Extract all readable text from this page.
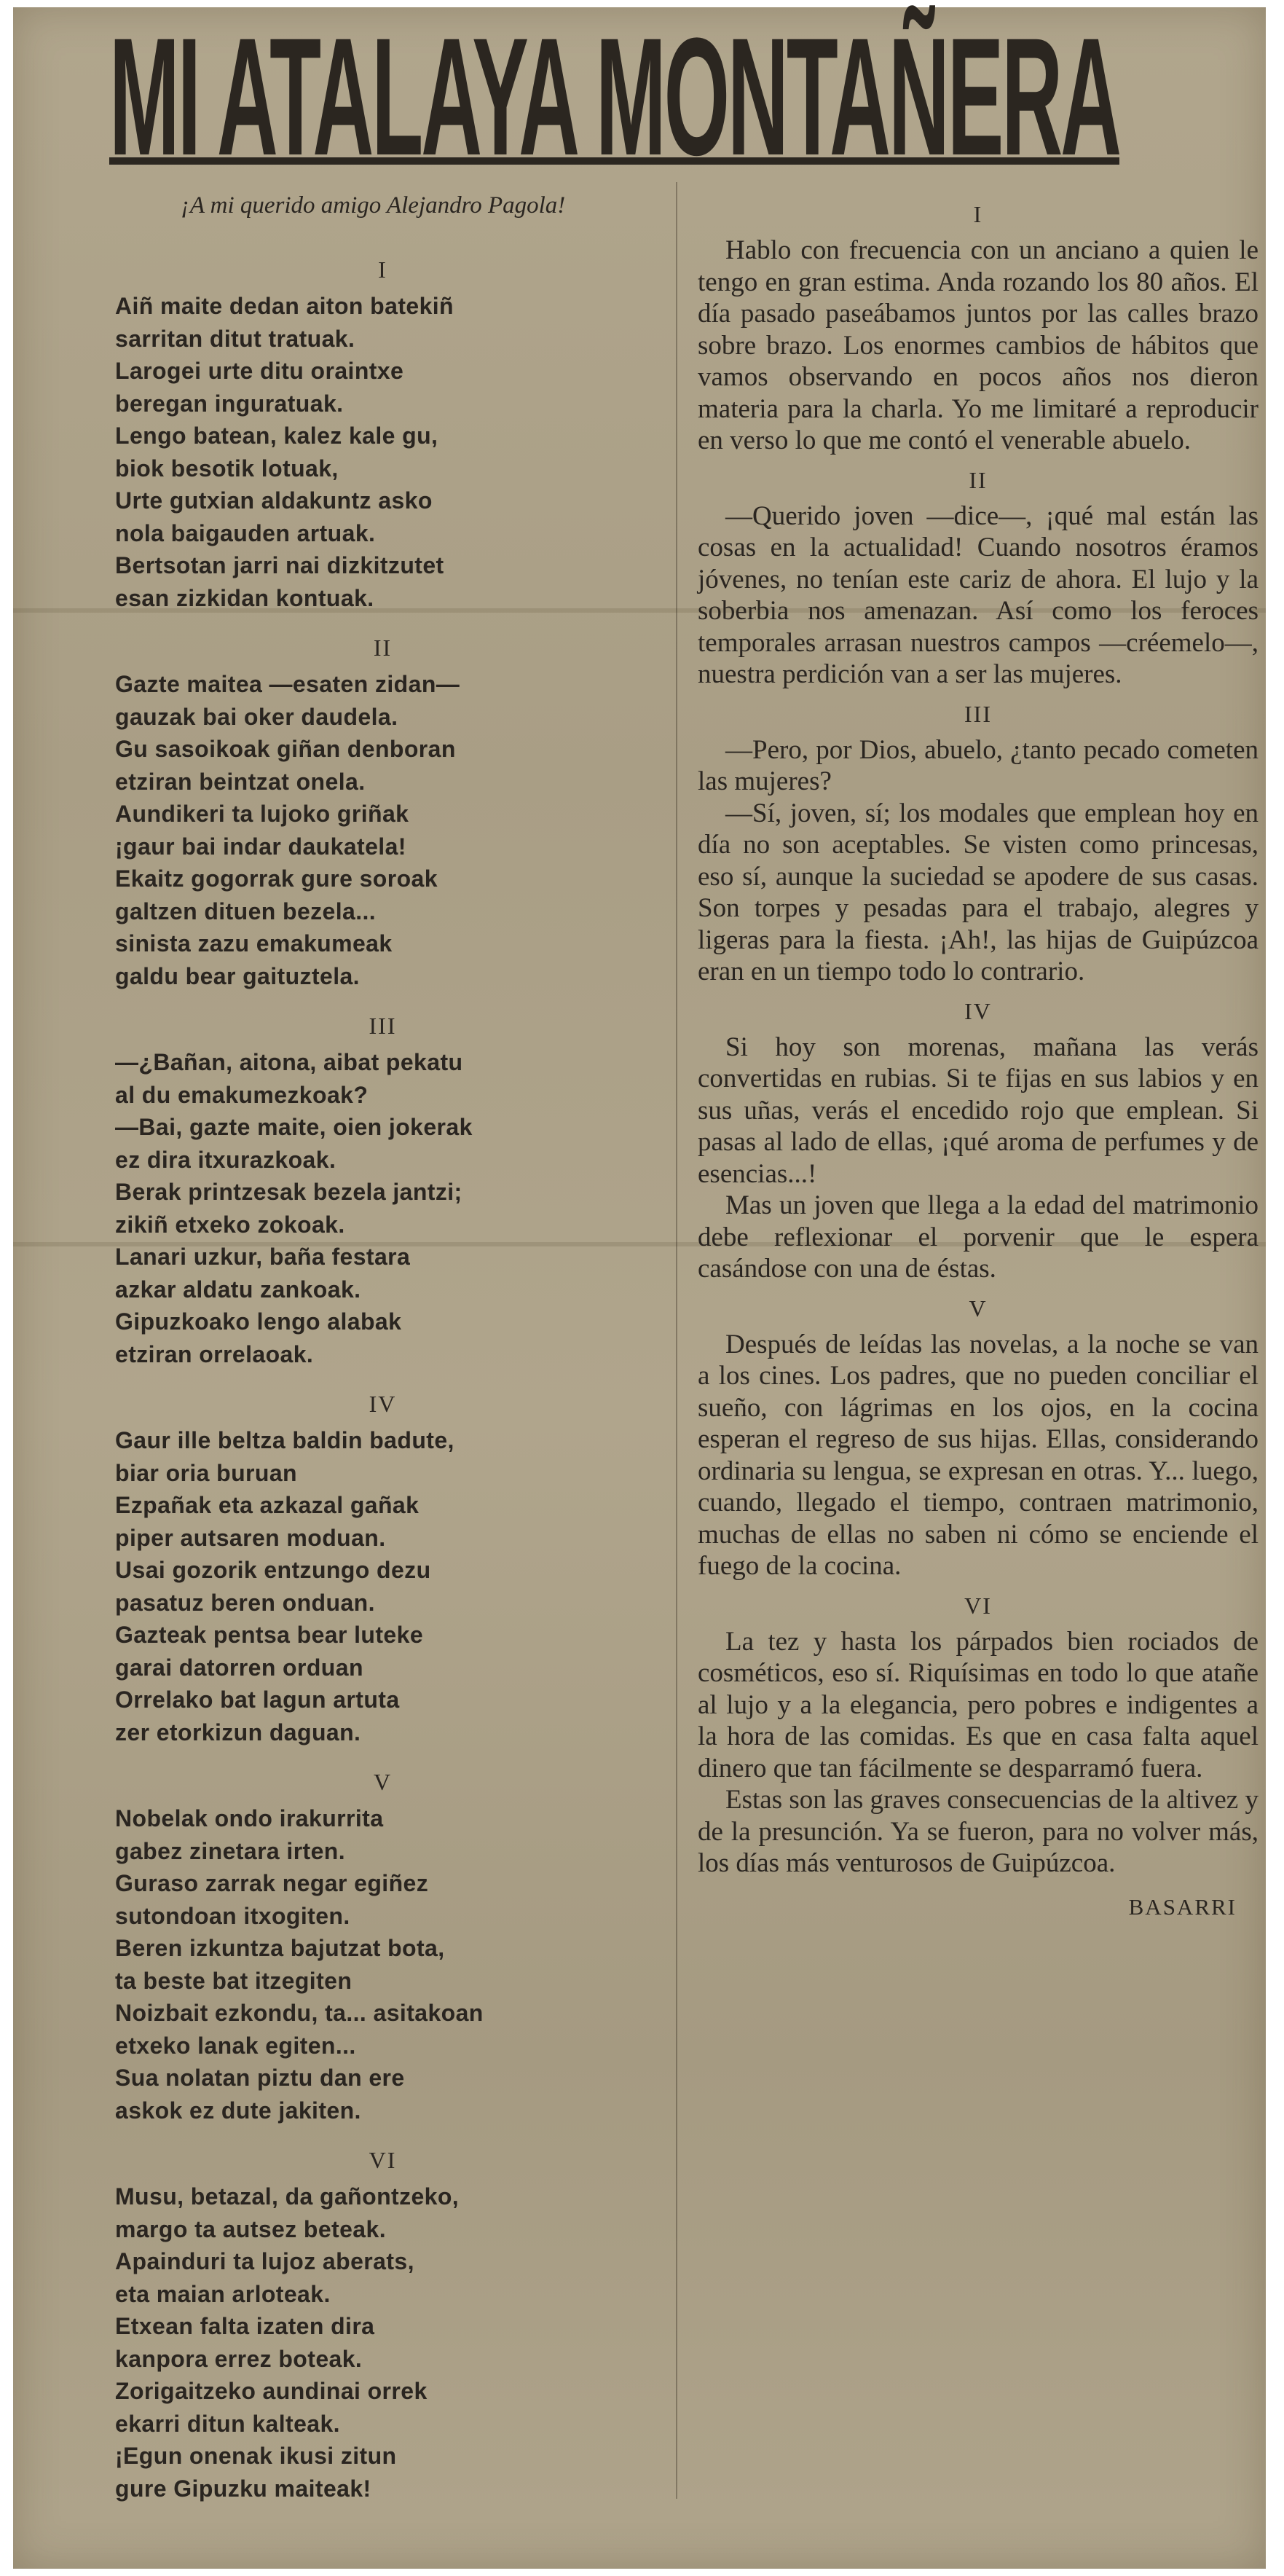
MI ATALAYA MONTAÑERA
¡A mi querido amigo Alejandro Pagola!
I
Aiñ maite dedan aiton batekiñ
sarritan ditut tratuak.
Larogei urte ditu oraintxe
beregan inguratuak.
Lengo batean, kalez kale gu,
biok besotik lotuak,
Urte gutxian aldakuntz asko
nola baigauden artuak.
Bertsotan jarri nai dizkitzutet
esan zizkidan kontuak.
II
Gazte maitea —esaten zidan—
gauzak bai oker daudela.
Gu sasoikoak giñan denboran
etziran beintzat onela.
Aundikeri ta lujoko griñak
¡gaur bai indar daukatela!
Ekaitz gogorrak gure soroak
galtzen dituen bezela...
sinista zazu emakumeak
galdu bear gaituztela.
III
—¿Bañan, aitona, aibat pekatu
al du emakumezkoak?
—Bai, gazte maite, oien jokerak
ez dira itxurazkoak.
Berak printzesak bezela jantzi;
zikiñ etxeko zokoak.
Lanari uzkur, baña festara
azkar aldatu zankoak.
Gipuzkoako lengo alabak
etziran orrelaoak.
IV
Gaur ille beltza baldin badute,
biar oria buruan
Ezpañak eta azkazal gañak
piper autsaren moduan.
Usai gozorik entzungo dezu
pasatuz beren onduan.
Gazteak pentsa bear luteke
garai datorren orduan
Orrelako bat lagun artuta
zer etorkizun daguan.
V
Nobelak ondo irakurrita
gabez zinetara irten.
Guraso zarrak negar egiñez
sutondoan itxogiten.
Beren izkuntza bajutzat bota,
ta beste bat itzegiten
Noizbait ezkondu, ta... asitakoan
etxeko lanak egiten...
Sua nolatan piztu dan ere
askok ez dute jakiten.
VI
Musu, betazal, da gañontzeko,
margo ta autsez beteak.
Apainduri ta lujoz aberats,
eta maian arloteak.
Etxean falta izaten dira
kanpora errez boteak.
Zorigaitzeko aundinai orrek
ekarri ditun kalteak.
¡Egun onenak ikusi zitun
gure Gipuzku maiteak!
I

Hablo con frecuencia con un anciano a quien le tengo en gran estima. Anda rozando los 80 años. El día pasado paseábamos juntos por las calles brazo sobre brazo. Los enormes cambios de hábitos que vamos observando en pocos años nos dieron materia para la charla. Yo me limitaré a reproducir en verso lo que me contó el venerable abuelo.

II

—Querido joven —dice—, ¡qué mal están las cosas en la actualidad! Cuando nosotros éramos jóvenes, no tenían este cariz de ahora. El lujo y la soberbia nos amenazan. Así como los feroces temporales arrasan nuestros campos —créemelo—, nuestra perdición van a ser las mujeres.

III

—Pero, por Dios, abuelo, ¿tanto pecado cometen las mujeres?

—Sí, joven, sí; los modales que emplean hoy en día no son aceptables. Se visten como princesas, eso sí, aunque la suciedad se apodere de sus casas. Son torpes y pesadas para el trabajo, alegres y ligeras para la fiesta. ¡Ah!, las hijas de Guipúzcoa eran en un tiempo todo lo contrario.

IV

Si hoy son morenas, mañana las verás convertidas en rubias. Si te fijas en sus labios y en sus uñas, verás el encedido rojo que emplean. Si pasas al lado de ellas, ¡qué aroma de perfumes y de esencias...!

Mas un joven que llega a la edad del matrimonio debe reflexionar el porvenir que le espera casándose con una de éstas.

V

Después de leídas las novelas, a la noche se van a los cines. Los padres, que no pueden conciliar el sueño, con lágrimas en los ojos, en la cocina esperan el regreso de sus hijas. Ellas, considerando ordinaria su lengua, se expresan en otras. Y... luego, cuando, llegado el tiempo, contraen matrimonio, muchas de ellas no saben ni cómo se enciende el fuego de la cocina.

VI

La tez y hasta los párpados bien rociados de cosméticos, eso sí. Riquísimas en todo lo que atañe al lujo y a la elegancia, pero pobres e indigentes a la hora de las comidas. Es que en casa falta aquel dinero que tan fácilmente se desparramó fuera.

Estas son las graves consecuencias de la altivez y de la presunción. Ya se fueron, para no volver más, los días más venturosos de Guipúzcoa.

BASARRI
